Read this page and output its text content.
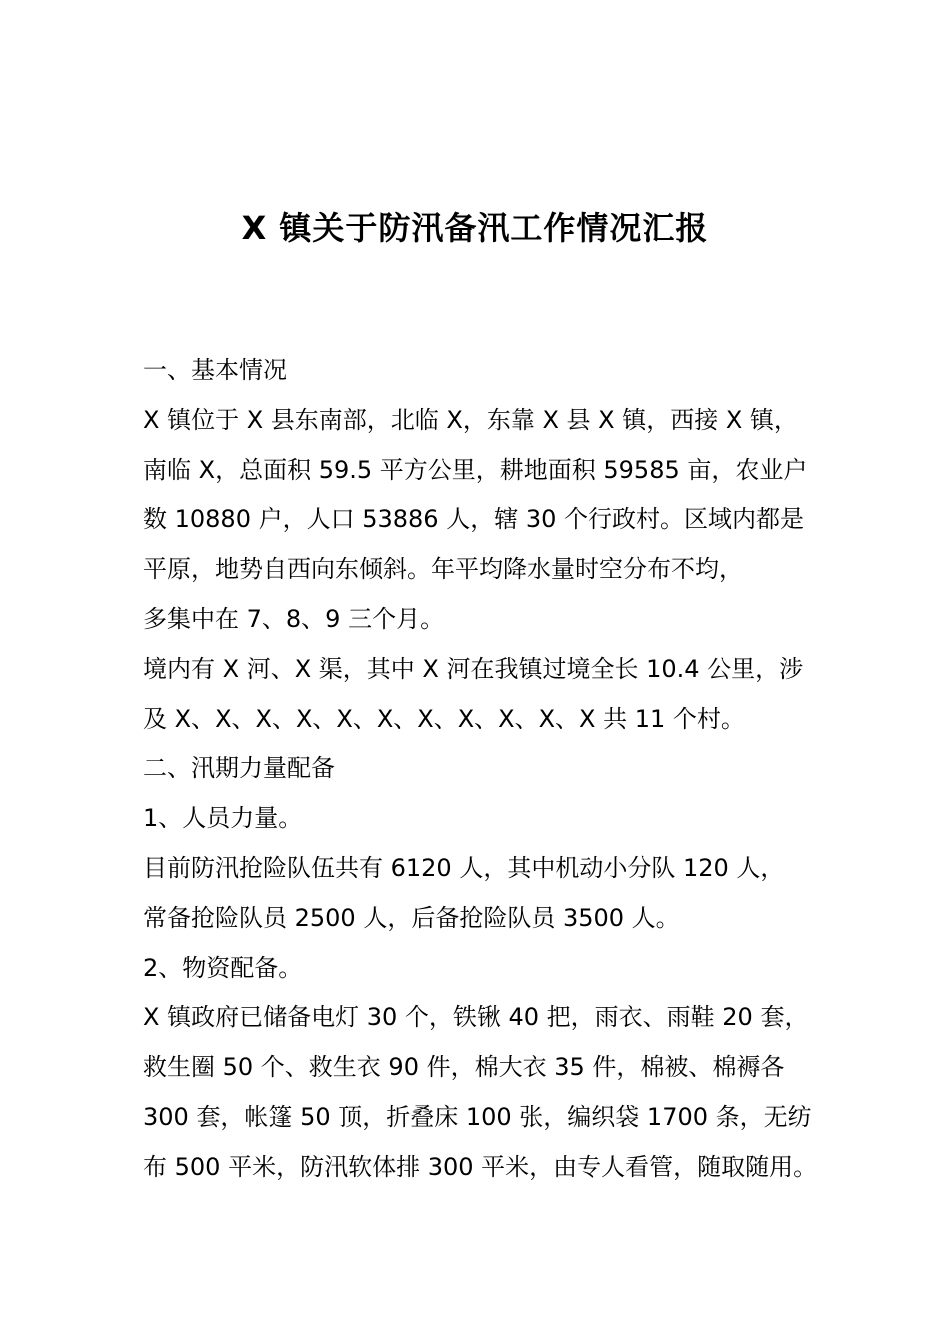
X 镇关于防汛备汛工作情况汇报
一、基本情况
X 镇位于 X 县东南部，北临 X，东靠 X 县 X 镇，西接 X 镇，
南临 X，总面积 59.5 平方公里，耕地面积 59585 亩，农业户
数 10880 户，人口 53886 人，辖 30 个行政村。区域内都是
平原，地势自西向东倾斜。年平均降水量时空分布不均，
多集中在 7、8、9 三个月。
境内有 X 河、X 渠，其中 X 河在我镇过境全长 10.4 公里，涉
及 X、X、X、X、X、X、X、X、X、X、X 共 11 个村。
二、汛期力量配备
1、人员力量。
目前防汛抢险队伍共有 6120 人，其中机动小分队 120 人，
常备抢险队员 2500 人，后备抢险队员 3500 人。
2、物资配备。
X 镇政府已储备电灯 30 个，铁锹 40 把，雨衣、雨鞋 20 套，
救生圈 50 个、救生衣 90 件，棉大衣 35 件，棉被、棉褥各
300 套，帐篷 50 顶，折叠床 100 张，编织袋 1700 条，无纺
布 500 平米，防汛软体排 300 平米，由专人看管，随取随用。
